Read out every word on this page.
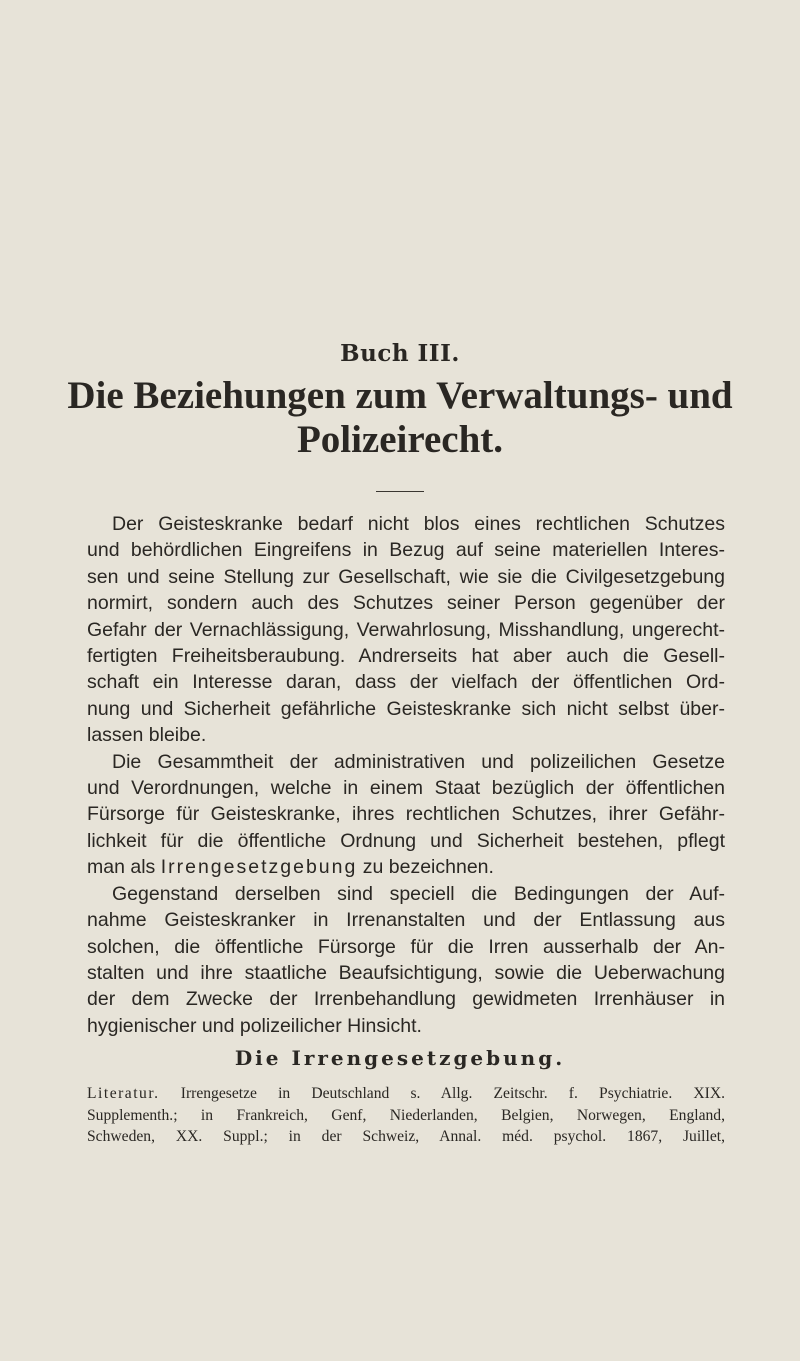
Buch III.
Die Beziehungen zum Verwaltungs- und
Polizeirecht.
Der Geisteskranke bedarf nicht blos eines rechtlichen Schutzes
und behördlichen Eingreifens in Bezug auf seine materiellen Interes-
sen und seine Stellung zur Gesellschaft, wie sie die Civilgesetzgebung
normirt, sondern auch des Schutzes seiner Person gegenüber der
Gefahr der Vernachlässigung, Verwahrlosung, Misshandlung, ungerecht-
fertigten Freiheitsberaubung. Andrerseits hat aber auch die Gesell-
schaft ein Interesse daran, dass der vielfach der öffentlichen Ord-
nung und Sicherheit gefährliche Geisteskranke sich nicht selbst über-
lassen bleibe.
Die Gesammtheit der administrativen und polizeilichen Gesetze
und Verordnungen, welche in einem Staat bezüglich der öffentlichen
Fürsorge für Geisteskranke, ihres rechtlichen Schutzes, ihrer Gefähr-
lichkeit für die öffentliche Ordnung und Sicherheit bestehen, pflegt
man als Irrengesetzgebung zu bezeichnen.
Gegenstand derselben sind speciell die Bedingungen der Auf-
nahme Geisteskranker in Irrenanstalten und der Entlassung aus
solchen, die öffentliche Fürsorge für die Irren ausserhalb der An-
stalten und ihre staatliche Beaufsichtigung, sowie die Ueberwachung
der dem Zwecke der Irrenbehandlung gewidmeten Irrenhäuser in
hygienischer und polizeilicher Hinsicht.
Die Irrengesetzgebung.
Literatur. Irrengesetze in Deutschland s. Allg. Zeitschr. f. Psychiatrie. XIX.
Supplementh.; in Frankreich, Genf, Niederlanden, Belgien, Norwegen, England,
Schweden, XX. Suppl.; in der Schweiz, Annal. méd. psychol. 1867, Juillet,
